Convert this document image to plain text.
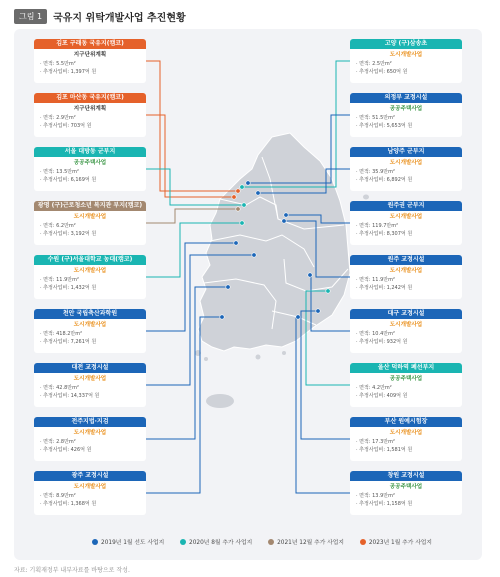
그림 1	국유지 위탁개발사업 추진현황
김포 구래동 국유지(캠코)
지구단위계획
· 면적: 5.5만m²
· 추정사업비: 1,397억 원
김포 마산동 국유지(캠코)
지구단위계획
· 면적: 2.9만m²
· 추정사업비: 703억 원
서울 대방동 군부지
공공주택사업
· 면적: 13.5만m²
· 추정사업비: 6,169억 원
광명 (구)근로청소년 복지관 부지(캠코)
도시개발사업
· 면적: 6.2만m²
· 추정사업비: 3,192억 원
수원 (구)서울대학교 농대(캠코)
도시개발사업
· 면적: 11.9만m²
· 추정사업비: 1,432억 원
천안 국립축산과학원
도시개발사업
· 면적: 418.2만m²
· 추정사업비: 7,261억 원
대전 교정시설
도시개발사업
· 면적: 42.8만m²
· 추정사업비: 14,337억 원
전주지법·지검
도시개발사업
· 면적: 2.8만m²
· 추정사업비: 426억 원
광주 교정시설
도시개발사업
· 면적: 8.9만m²
· 추정사업비: 1,368억 원
고양 (구)삼송초
도시개발사업
· 면적: 2.5만m²
· 추정사업비: 650억 원
의정부 교정시설
공공주택사업
· 면적: 51.5만m²
· 추정사업비: 5,653억 원
남양주 군부지
도시개발사업
· 면적: 35.9만m²
· 추정사업비: 6,892억 원
원주권 군부지
도시개발사업
· 면적: 119.7만m²
· 추정사업비: 8,307억 원
원주 교정시설
도시개발사업
· 면적: 11.9만m²
· 추정사업비: 1,242억 원
대구 교정시설
도시개발사업
· 면적: 10.4만m²
· 추정사업비: 932억 원
울산 덕하역 폐선부지
공공주택사업
· 면적: 4.2만m²
· 추정사업비: 409억 원
부산 원예시험장
도시개발사업
· 면적: 17.3만m²
· 추정사업비: 1,581억 원
창원 교정시설
공공주택사업
· 면적: 13.9만m²
· 추정사업비: 1,158억 원
2019년 1월 선도 사업지	2020년 8월 추가 사업지	2021년 12월 추가 사업지	2023년 1월 추가 사업지
자료: 기획재정부 내부자료를 바탕으로 작성.
